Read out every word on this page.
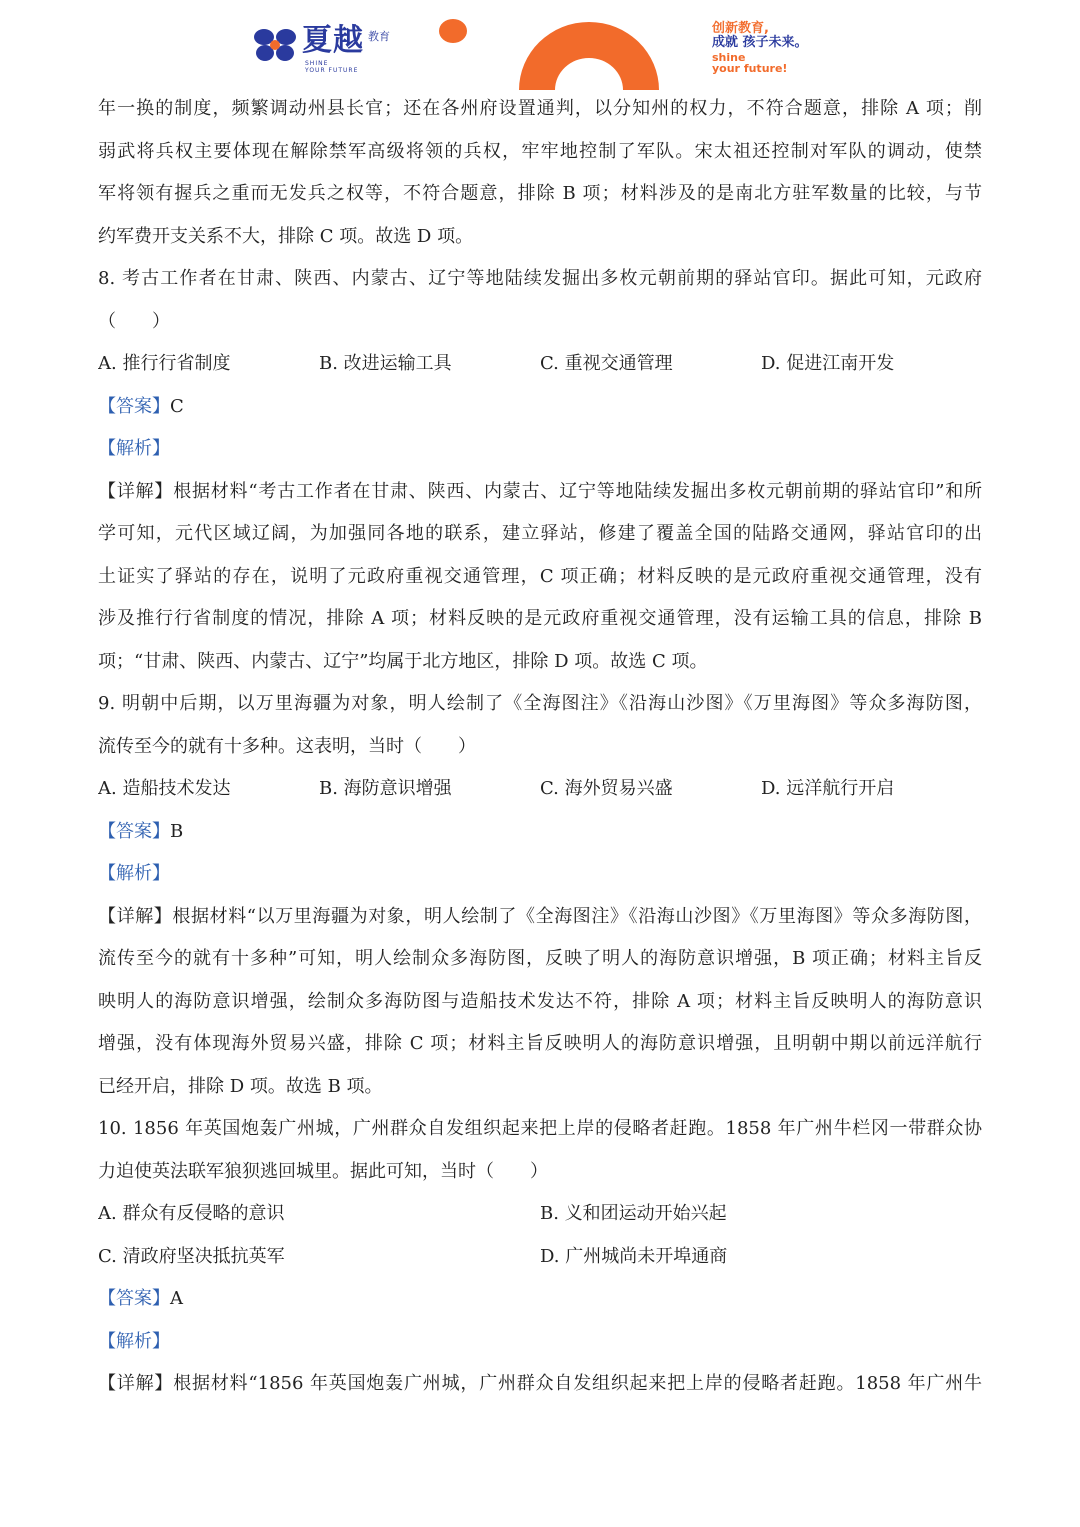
夏越 教育
SHINE
YOUR FUTURE
创新教育,
成就 孩子未来。
shine
your future!
年一换的制度，频繁调动州县长官；还在各州府设置通判，以分知州的权力，不符合题意，排除 A 项；削
弱武将兵权主要体现在解除禁军高级将领的兵权，牢牢地控制了军队。宋太祖还控制对军队的调动，使禁
军将领有握兵之重而无发兵之权等，不符合题意，排除 B 项；材料涉及的是南北方驻军数量的比较，与节
约军费开支关系不大，排除 C 项。故选 D 项。
8. 考古工作者在甘肃、陕西、内蒙古、辽宁等地陆续发掘出多枚元朝前期的驿站官印。据此可知，元政府
（　　）
A. 推行行省制度	B. 改进运输工具	C. 重视交通管理	D. 促进江南开发
【答案】C
【解析】
【详解】根据材料“考古工作者在甘肃、陕西、内蒙古、辽宁等地陆续发掘出多枚元朝前期的驿站官印”和所
学可知，元代区域辽阔，为加强同各地的联系，建立驿站，修建了覆盖全国的陆路交通网，驿站官印的出
土证实了驿站的存在，说明了元政府重视交通管理，C 项正确；材料反映的是元政府重视交通管理，没有
涉及推行行省制度的情况，排除 A 项；材料反映的是元政府重视交通管理，没有运输工具的信息，排除 B
项；“甘肃、陕西、内蒙古、辽宁”均属于北方地区，排除 D 项。故选 C 项。
9. 明朝中后期，以万里海疆为对象，明人绘制了《全海图注》《沿海山沙图》《万里海图》等众多海防图，
流传至今的就有十多种。这表明，当时（　　）
A. 造船技术发达	B. 海防意识增强	C. 海外贸易兴盛	D. 远洋航行开启
【答案】B
【解析】
【详解】根据材料“以万里海疆为对象，明人绘制了《全海图注》《沿海山沙图》《万里海图》等众多海防图，
流传至今的就有十多种”可知，明人绘制众多海防图，反映了明人的海防意识增强，B 项正确；材料主旨反
映明人的海防意识增强，绘制众多海防图与造船技术发达不符，排除 A 项；材料主旨反映明人的海防意识
增强，没有体现海外贸易兴盛，排除 C 项；材料主旨反映明人的海防意识增强，且明朝中期以前远洋航行
已经开启，排除 D 项。故选 B 项。
10. 1856 年英国炮轰广州城，广州群众自发组织起来把上岸的侵略者赶跑。1858 年广州牛栏冈一带群众协
力迫使英法联军狼狈逃回城里。据此可知，当时（　　）
A. 群众有反侵略的意识	B. 义和团运动开始兴起
C. 清政府坚决抵抗英军	D. 广州城尚未开埠通商
【答案】A
【解析】
【详解】根据材料“1856 年英国炮轰广州城，广州群众自发组织起来把上岸的侵略者赶跑。1858 年广州牛
